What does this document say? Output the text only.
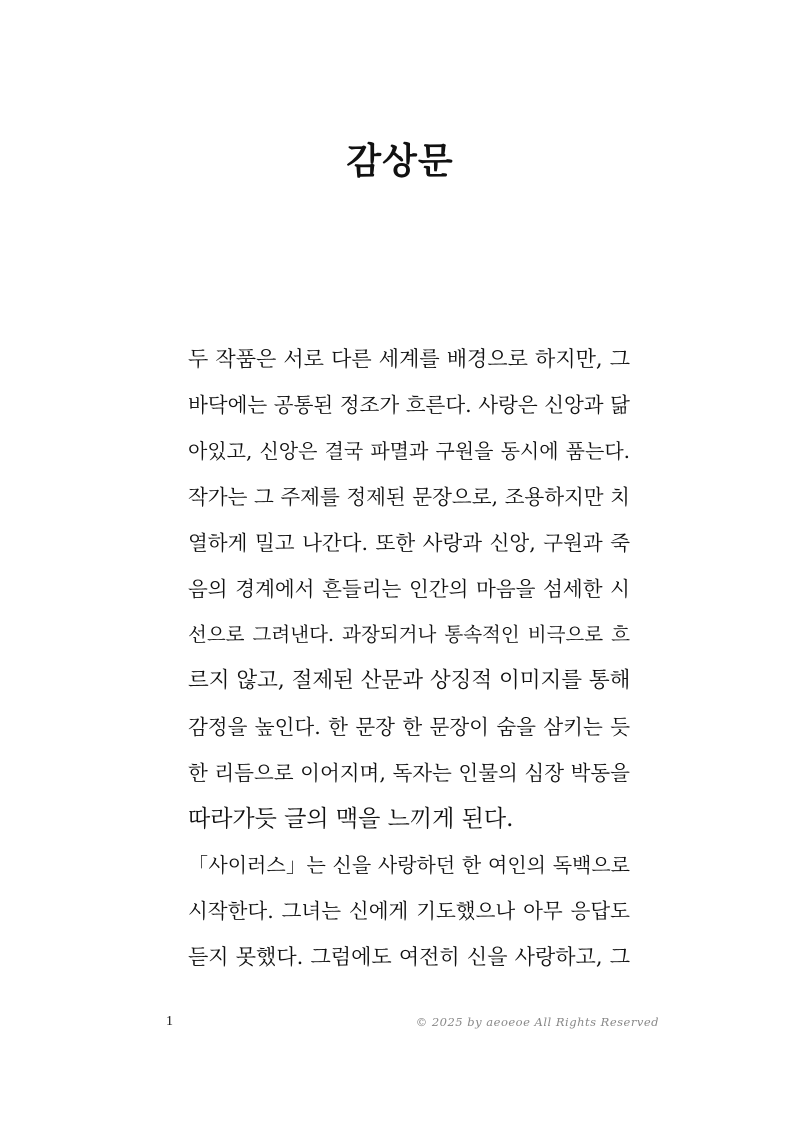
감상문
두 작품은 서로 다른 세계를 배경으로 하지만, 그
바닥에는 공통된 정조가 흐른다. 사랑은 신앙과 닮
아있고, 신앙은 결국 파멸과 구원을 동시에 품는다.
작가는 그 주제를 정제된 문장으로, 조용하지만 치
열하게 밀고 나간다. 또한 사랑과 신앙, 구원과 죽
음의 경계에서 흔들리는 인간의 마음을 섬세한 시
선으로 그려낸다. 과장되거나 통속적인 비극으로 흐
르지 않고, 절제된 산문과 상징적 이미지를 통해
감정을 높인다. 한 문장 한 문장이 숨을 삼키는 듯
한 리듬으로 이어지며, 독자는 인물의 심장 박동을
따라가듯 글의 맥을 느끼게 된다.
「사이러스」는 신을 사랑하던 한 여인의 독백으로
시작한다. 그녀는 신에게 기도했으나 아무 응답도
듣지 못했다. 그럼에도 여전히 신을 사랑하고, 그
1	© 2025 by aeoeoe All Rights Reserved
